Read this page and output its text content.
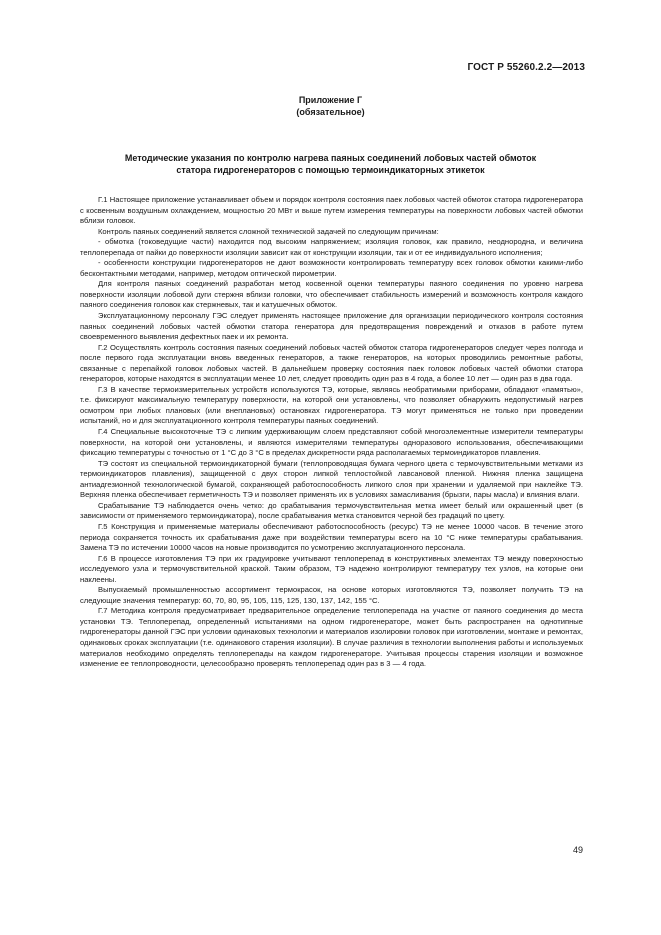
ГОСТ Р 55260.2.2—2013
Приложение Г
(обязательное)
Методические указания по контролю нагрева паяных соединений лобовых частей обмоток
статора гидрогенераторов с помощью термоиндикаторных этикеток

Г.1 Настоящее приложение устанавливает объем и порядок контроля состояния паек лобовых частей обмоток статора гидрогенератора с косвенным воздушным охлаждением, мощностью 20 МВт и выше путем измерения температуры на поверхности лобовых частей обмотки вблизи головок.

Контроль паяных соединений является сложной технической задачей по следующим причинам:

- обмотка (токоведущие части) находится под высоким напряжением; изоляция головок, как правило, неоднородна, и величина теплоперепада от пайки до поверхности изоляции зависит как от конструкции изоляции, так и от ее индивидуального исполнения;

- особенности конструкции гидрогенераторов не дают возможности контролировать температуру всех головок обмотки какими-либо бесконтактными методами, например, методом оптической пирометрии.

Для контроля паяных соединений разработан метод косвенной оценки температуры паяного соединения по уровню нагрева поверхности изоляции лобовой дуги стержня вблизи головки, что обеспечивает стабильность измерений и возможность контроля каждого паяного соединения головок как стержневых, так и катушечных обмоток.

Эксплуатационному персоналу ГЭС следует применять настоящее приложение для организации периодического контроля состояния паяных соединений лобовых частей обмотки статора генератора для предотвращения повреждений и отказов в работе путем своевременного выявления дефектных паек и их ремонта.

Г.2 Осуществлять контроль состояния паяных соединений лобовых частей обмоток статора гидрогенераторов следует через полгода и после первого года эксплуатации вновь введенных генераторов, а также генераторов, на которых проводились ремонтные работы, связанные с перепайкой головок лобовых частей. В дальнейшем проверку состояния паек головок лобовых частей обмотки статора генераторов, которые находятся в эксплуатации менее 10 лет, следует проводить один раз в 4 года, а более 10 лет — один раз в два года.

Г.3 В качестве термоизмерительных устройств используются ТЭ, которые, являясь необратимыми приборами, обладают «памятью», т.е. фиксируют максимальную температуру поверхности, на которой они установлены, что позволяет обнаружить недопустимый нагрев осмотром при любых плановых (или внеплановых) остановках гидрогенератора. ТЭ могут применяться не только при проведении испытаний, но и для эксплуатационного контроля температуры паяных соединений.

Г.4 Специальные высокоточные ТЭ с липким удерживающим слоем представляют собой многоэлементные измерители температуры поверхности, на которой они установлены, и являются измерителями температуры одноразового использования, обеспечивающими фиксацию температуры с точностью от 1 °С до 3 °С в пределах дискретности ряда располагаемых термоиндикаторов плавления.

ТЭ состоят из специальной термоиндикаторной бумаги (теплопроводящая бумага черного цвета с термочувствительными метками из термоиндикаторов плавления), защищенной с двух сторон липкой теплостойкой лавсановой пленкой. Нижняя пленка защищена антиадгезионной технологической бумагой, сохраняющей работоспособность липкого слоя при хранении и удаляемой при наклейке ТЭ. Верхняя пленка обеспечивает герметичность ТЭ и позволяет применять их в условиях замасливания (брызги, пары масла) и влияния влаги.

Срабатывание ТЭ наблюдается очень четко: до срабатывания термочувствительная метка имеет белый или окрашенный цвет (в зависимости от применяемого термоиндикатора), после срабатывания метка становится черной без градаций по цвету.

Г.5 Конструкция и применяемые материалы обеспечивают работоспособность (ресурс) ТЭ не менее 10000 часов. В течение этого периода сохраняется точность их срабатывания даже при воздействии температуры всего на 10 °С ниже температуры срабатывания. Замена ТЭ по истечении 10000 часов на новые производится по усмотрению эксплуатационного персонала.

Г.6 В процессе изготовления ТЭ при их градуировке учитывают теплоперепад в конструктивных элементах ТЭ между поверхностью исследуемого узла и термочувствительной краской. Таким образом, ТЭ надежно контролируют температуру тех узлов, на которые они наклеены.

Выпускаемый промышленностью ассортимент термокрасок, на основе которых изготовляются ТЭ, позволяет получить ТЭ на следующие значения температур: 60, 70, 80, 95, 105, 115, 125, 130, 137, 142, 155 °С.

Г.7 Методика контроля предусматривает предварительное определение теплоперепада на участке от паяного соединения до места установки ТЭ. Теплоперепад, определенный испытаниями на одном гидрогенераторе, может быть распространен на однотипные гидрогенераторы данной ГЭС при условии одинаковых технологии и материалов изолировки головок при изготовлении, монтаже и ремонтах, одинаковых сроках эксплуатации (т.е. одинакового старения изоляции). В случае различия в технологии выполнения работы и используемых материалов необходимо определять теплоперепады на каждом гидрогенераторе. Учитывая процессы старения изоляции и возможное изменение ее теплопроводности, целесообразно проверять теплоперепад один раз в 3 — 4 года.

49
